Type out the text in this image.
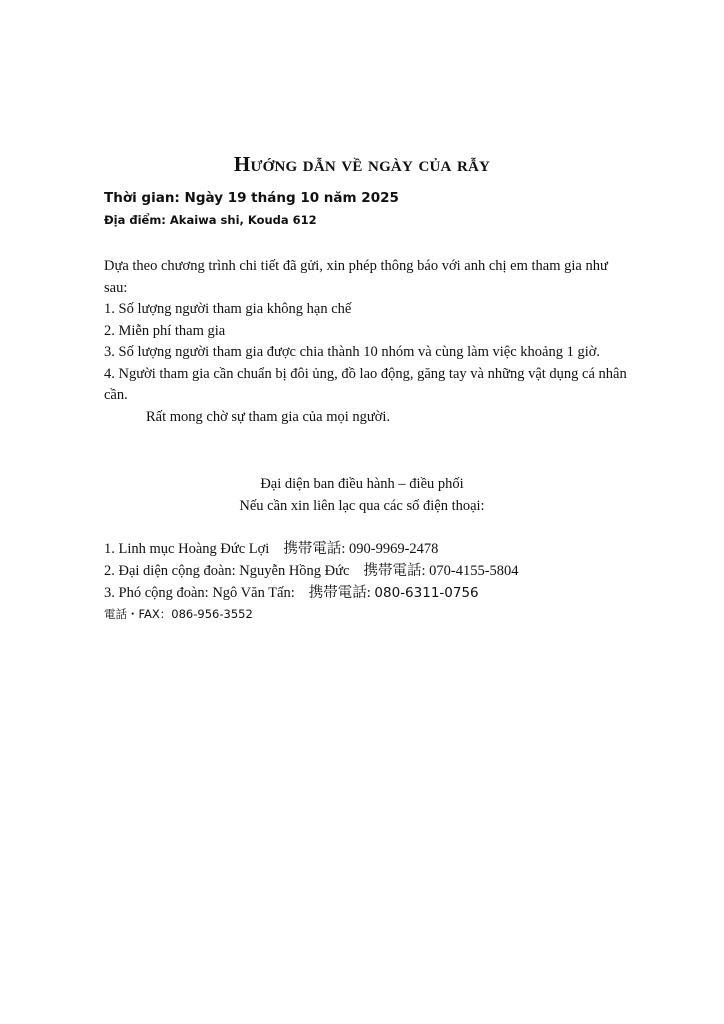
Hướng dẫn về ngày của rẫy
Thời gian: Ngày 19 tháng 10 năm 2025
Địa điểm: Akaiwa shi, Kouda 612

Dựa theo chương trình chi tiết đã gửi, xin phép thông báo với anh chị em tham gia như sau:

1. Số lượng người tham gia không hạn chế

2. Miễn phí tham gia

3. Số lượng người tham gia được chia thành 10 nhóm và cùng làm việc khoảng 1 giờ.

4. Người tham gia cần chuẩn bị đôi ủng, đồ lao động, găng tay và những vật dụng cá nhân cần.

Rất mong chờ sự tham gia của mọi người.

Đại diện ban điều hành – điều phối
Nếu cần xin liên lạc qua các số điện thoại:

1. Linh mục Hoàng Đức Lợi 携帯電話: 090-9969-2478

2. Đại diện cộng đoàn: Nguyễn Hồng Đức 携帯電話: 070-4155-5804

3. Phó cộng đoàn: Ngô Văn Tấn: 携帯電話: 080-6311-0756

電話・FAX：086-956-3552
